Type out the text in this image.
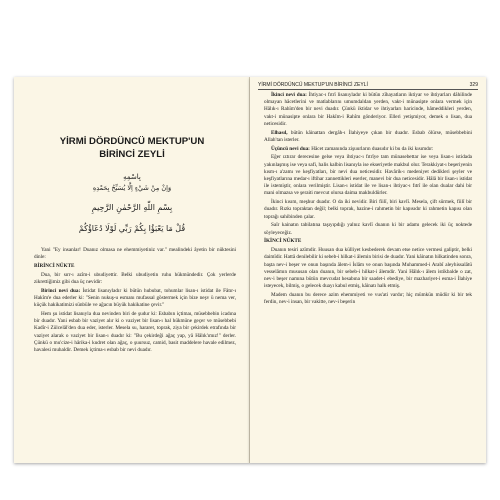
YİRMİ DÖRDÜNCÜ MEKTUP'UN
BİRİNCİ ZEYLİ
بِاسْمِهِ
وَاِنْ مِنْ شَيْءٍ اِلَّا يُسَبِّحُ بِحَمْدِهِ
بِسْمِ اللّٰهِ الرَّحْمٰنِ الرَّحِيمِ
قُلْ مَا يَعْبَؤُا بِكُمْ رَبِّي لَوْلَا دُعَٓاؤُكُمْ

Yani "Ey insanlar! Duanız olmasa ne ehemmiyetiniz var." mealindeki âyetin bir nüktesini dinle:

BİRİNCİ NÜKTE

Dua, bir sırr-ı azîm-i ubudiyettir. Belki ubudiyetin ruhu hükmündedir. Çok yerlerde zikrettiğimiz gibi dua üç nevidir:

Birinci nevi dua: İstidat lisanıyladır ki bütün hububat, tohumlar lisan-ı istidat ile Fâtır-ı Hakîm'e dua ederler ki: "Senin nukuş-u esmanı mufassal göstermek için bize neşv ü nema ver, küçük hakikatimizi sünbüle ve ağacın büyük hakikatine çevir."

Hem şu istidat lisanıyla dua nevinden biri de şudur ki: Esbabın içtimaı, müsebbebin icadına bir duadır. Yani esbab bir vaziyet alır ki o vaziyet bir lisan-ı hal hükmüne geçer ve müsebbebi Kadîr-i Zülcelâl'den dua eder, isterler. Mesela su, hararet, toprak, ziya bir çekirdek etrafında bir vaziyet alarak o vaziyet bir lisan-ı duadır ki: "Bu çekirdeği ağaç yap, yâ Hâlık'ımız!" derler. Çünkü o mu'cize-i hârika-i kudret olan ağaç, o şuursuz, camid, basit maddelere havale edilmez, havalesi muhaldir. Demek içtima-ı esbab bir nevi duadır.

YİRMİ DÖRDÜNCÜ MEKTUP'UN BİRİNCİ ZEYLİ	329

İkinci nevi dua: İhtiyac-ı fıtrî lisanıyladır ki bütün zîhayatların iktiyar ve ihtiyarları dâhilinde olmayan hâcetlerini ve matlablarını umumdaldan yerden, vakt-i münasipte onlara vermek için Hâlık-ı Rahîm'den bir nevi duadır. Çünkü iktidar ve ihtiyarları haricinde, hâmeddikleri yerden, vakt-i münasipte onlara bir Hakîm-i Rahîm gönderiyor. Elleri yetişmiyor, demek o lisan, dua neticesidir.

Elhasıl, bütün kâinattan dergâh-ı İlahiyeye çıkan bir duadır. Esbab ölürse, müsebbebini Allah'tan isterler.

Üçüncü nevi dua: Hâcet zamanında zişuurların duasıdır ki bu da iki kısımdır:

Eğer ıztırar derecesine gelse veya ihtiyac-ı fıtrîye tam münasebettar ise veya lisan-ı istidada yakınlaşmış ise veya safi, halis kalbin lisanıyla ise ekseriyetle makbul olur. Terakkiyat-ı beşeriyenin kısm-ı a'zamı ve keşfiyatları, bir nevi dua neticesidir. Havârik-ı medeniyet dedikleri şeyler ve keşfiyatlarına medar-ı iftihar zannettikleri eserler, manevi bir dua neticesidir. Hâlâ bir lisan-ı istidat ile istemiştir, onlara verilmiştir. Lisan-ı istidat ile ve lisan-ı ihtiyac-ı fıtrî ile olan dualar dahi bir mani olmazsa ve şeraiti mevcut olursa daima makbuldürler.

İkinci kısım, meşhur duadır. O da iki nevidir. Biri fiilî, biri kavlî. Mesela, çift sürmek, fiilî bir duadır. Rızkı topraktan değil; belki toprak, hazine-i rahmetin bir kapısıdır ki rahmetin kapısı olan toprağı sahibinden çalar.

Saîr kainatın tabilatına taşıyıpdığı yalnız kavlî duanın ki bir adamı gelecek iki üç noktede söyleyeceğiz.

İKİNCİ NÜKTE

Duanın tesiri azîmdir. Huusan dua külliyet kesbederek devam etse netice vermesi galiptir, belki daimîdir. Hattâ denilebilir ki sebeb-i hilkat-i âlemin birisi de duadır. Yani kâinatın hilkatinden sonra, başta nev-i beşer ve onun başında âlem-i İslâm ve onun başında Muhammed-i Arabî aleyhissalâtü vesselâmın mususan olan duanın, bir sebeb-i hilkat-i âlemdir. Yani Hâlık-ı âlem istikbalde o zat, nev-i beşer namına bütün mevcudat hesabına bir saadet-i ebediye, bir mazhariyet-i esma-i İlahiye isteyecek, bilmiş, o gelecek duayı kabul etmiş, kâinatı halk etmiş.

Madem duanın bu derece azim ehemmiyeti ve vus'ati vardır; hiç mümkün müdür ki bir tek ferdin, nev-i insan, bir vakitte, nev-i beşerin
